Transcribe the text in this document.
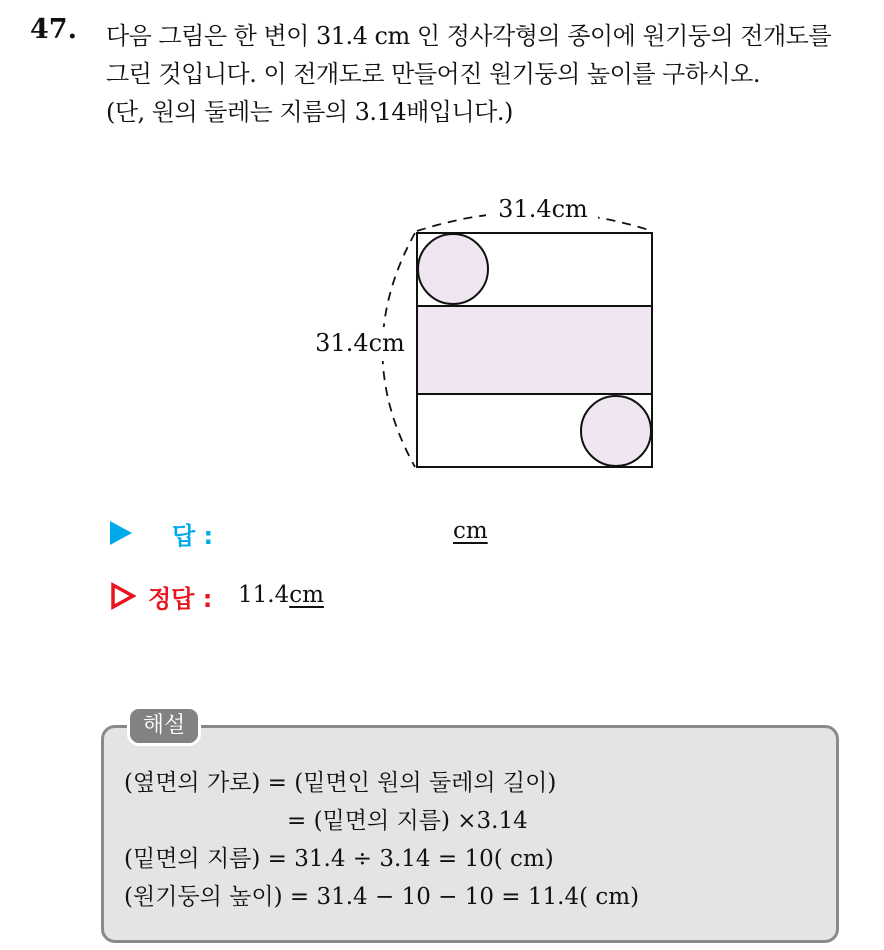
47. 다음 그림은 한 변이 31.4 cm 인 정사각형의 종이에 원기둥의 전개도를
그린 것입니다. 이 전개도로 만들어진 원기둥의 높이를 구하시오.
(단, 원의 둘레는 지름의 3.14배입니다.)
31.4cm
31.4cm
답 :	cm
정답 : 11.4cm
해설
(옆면의 가로) = (밑면인 원의 둘레의 길이)
= (밑면의 지름) ×3.14
(밑면의 지름) = 31.4 ÷ 3.14 = 10( cm)
(원기둥의 높이) = 31.4 − 10 − 10 = 11.4( cm)
